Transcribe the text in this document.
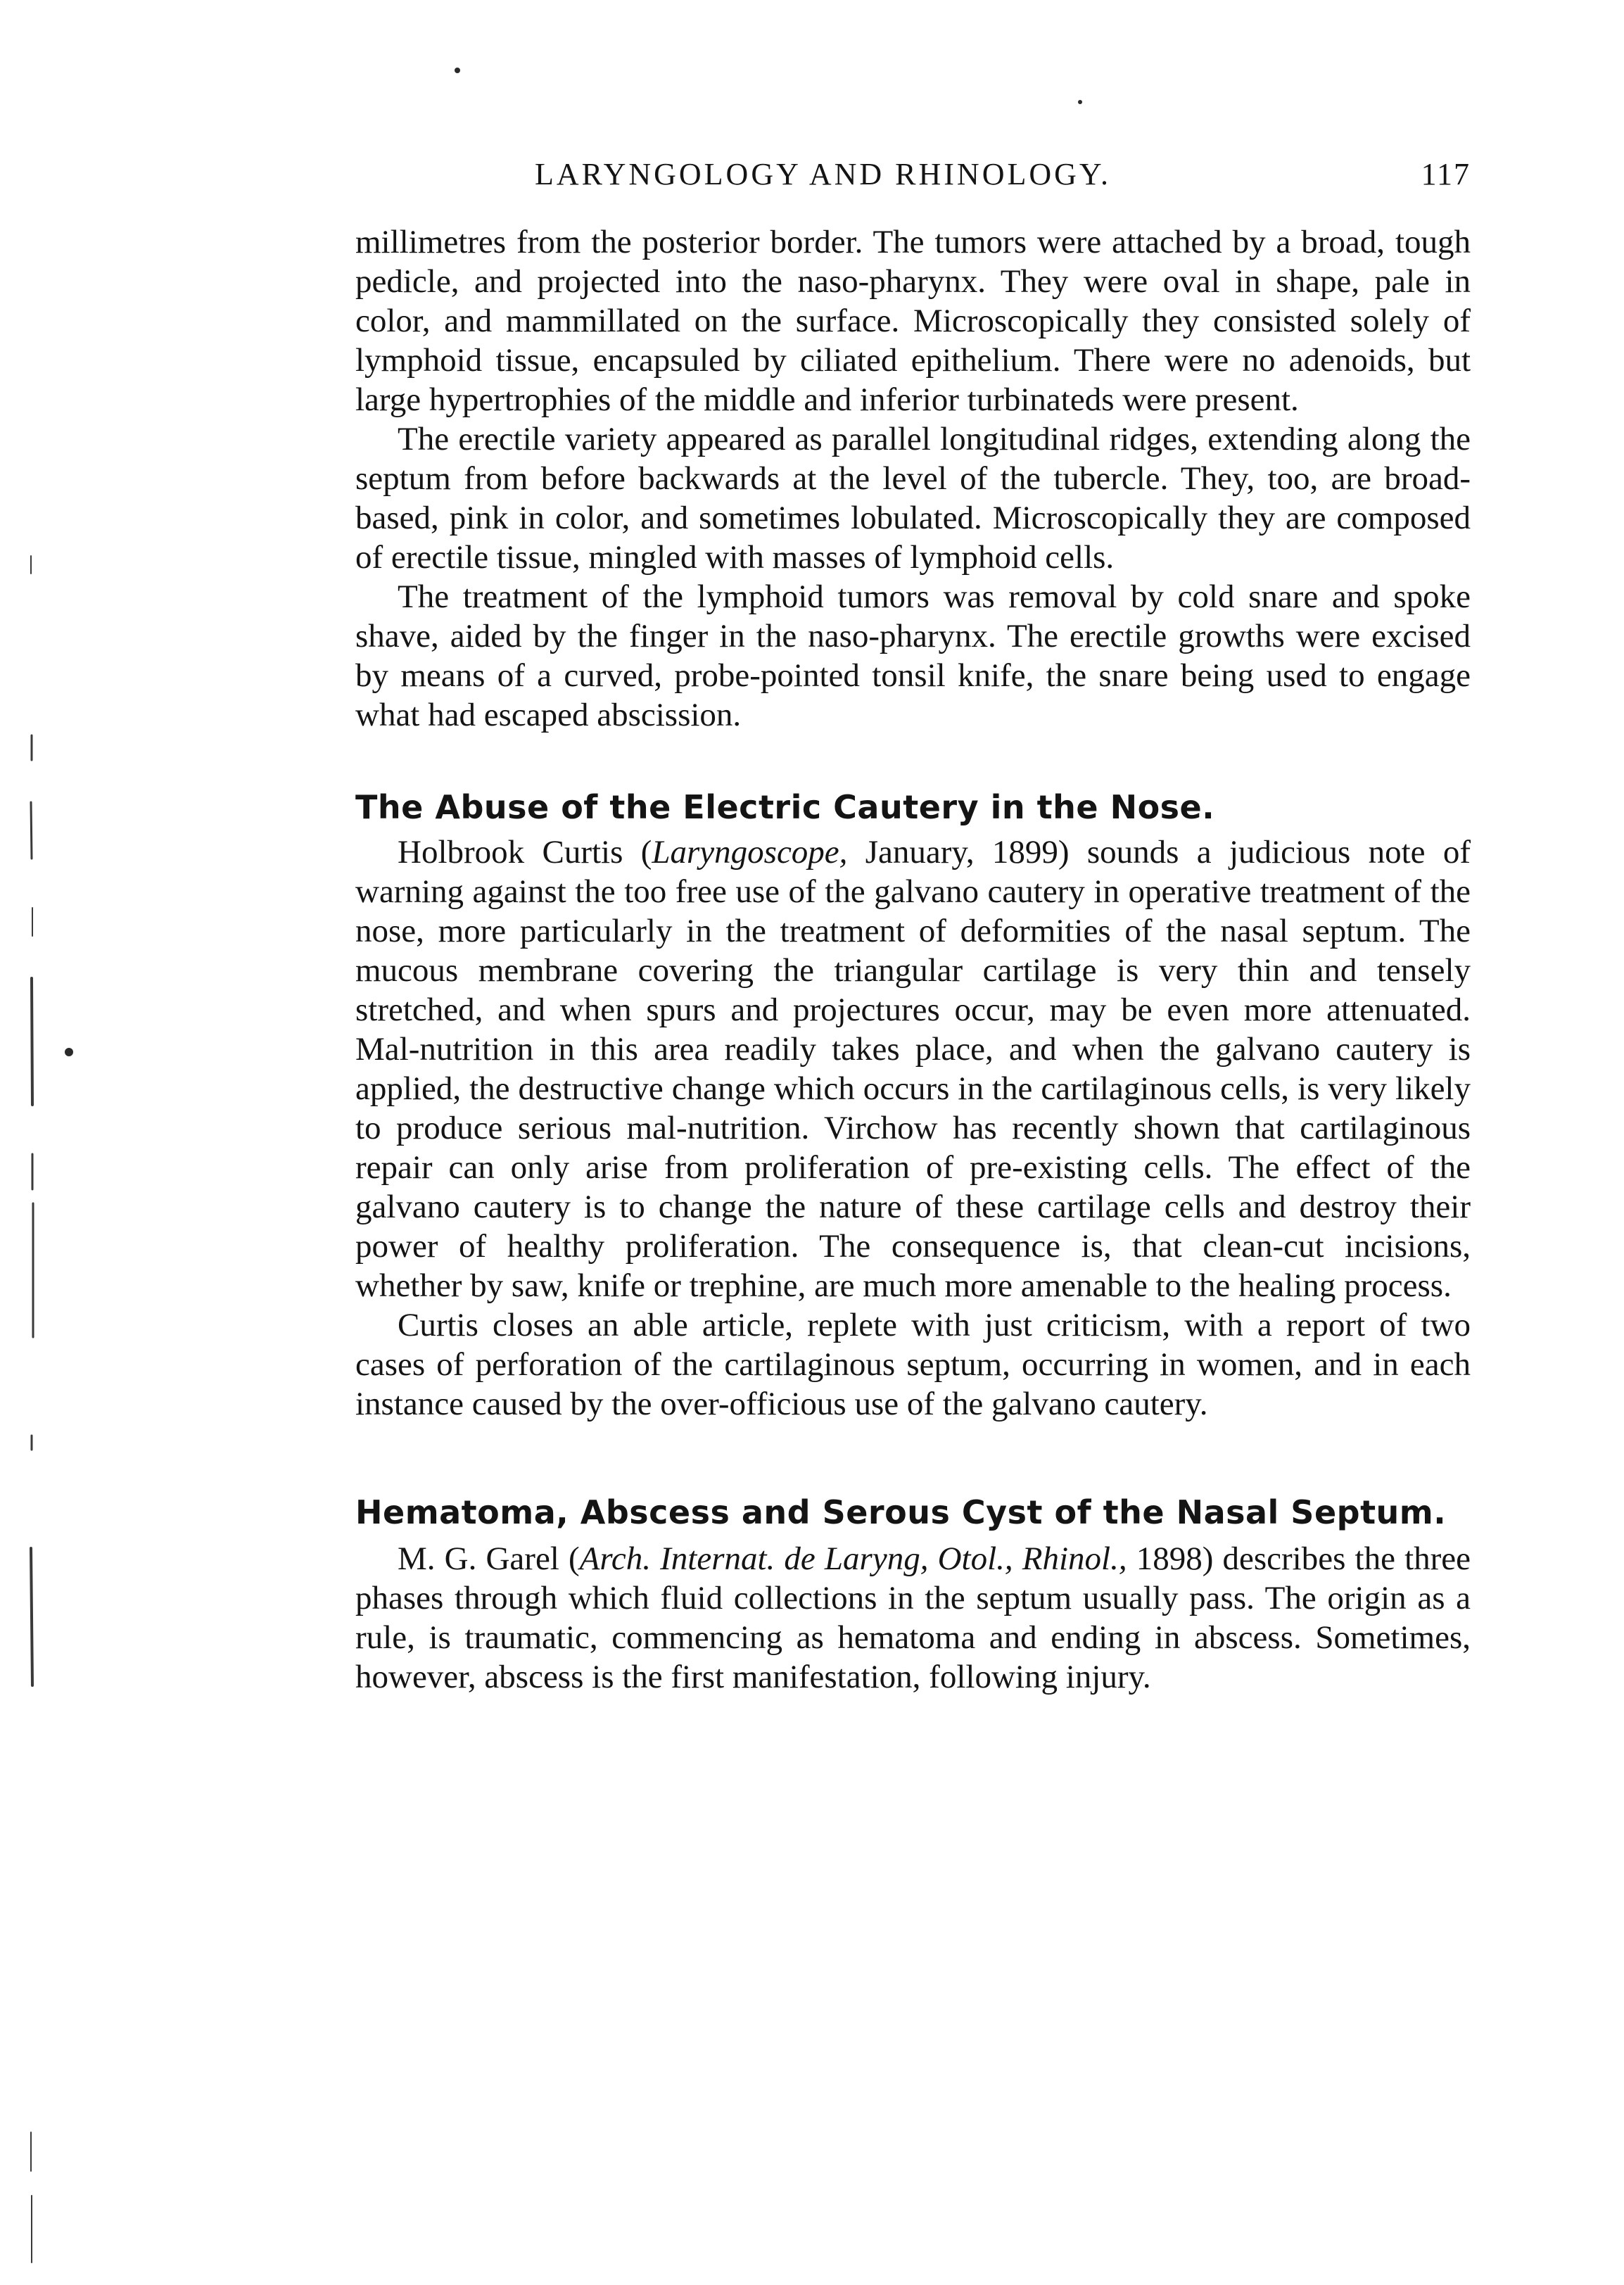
LARYNGOLOGY AND RHINOLOGY.	117

millimetres from the posterior border. The tumors were attached by a broad, tough pedicle, and projected into the naso-pharynx. They were oval in shape, pale in color, and mammillated on the surface. Microscopically they consisted solely of lymphoid tissue, encapsuled by ciliated epithelium. There were no adenoids, but large hypertrophies of the middle and inferior turbinateds were present.

The erectile variety appeared as parallel longitudinal ridges, extending along the septum from before backwards at the level of the tubercle. They, too, are broad-based, pink in color, and sometimes lobulated. Microscopically they are composed of erectile tissue, mingled with masses of lymphoid cells.

The treatment of the lymphoid tumors was removal by cold snare and spoke shave, aided by the finger in the naso-pharynx. The erectile growths were excised by means of a curved, probe-pointed tonsil knife, the snare being used to engage what had escaped abscission.

The Abuse of the Electric Cautery in the Nose.

Holbrook Curtis (Laryngoscope, January, 1899) sounds a judicious note of warning against the too free use of the galvano cautery in operative treatment of the nose, more particularly in the treatment of deformities of the nasal septum. The mucous membrane covering the triangular cartilage is very thin and tensely stretched, and when spurs and projectures occur, may be even more attenuated. Mal-nutrition in this area readily takes place, and when the galvano cautery is applied, the destructive change which occurs in the cartilaginous cells, is very likely to produce serious mal-nutrition. Virchow has recently shown that cartilaginous repair can only arise from proliferation of pre-existing cells. The effect of the galvano cautery is to change the nature of these cartilage cells and destroy their power of healthy proliferation. The consequence is, that clean-cut incisions, whether by saw, knife or trephine, are much more amenable to the healing process.

Curtis closes an able article, replete with just criticism, with a report of two cases of perforation of the cartilaginous septum, occurring in women, and in each instance caused by the over-officious use of the galvano cautery.

Hematoma, Abscess and Serous Cyst of the Nasal Septum.

M. G. Garel (Arch. Internat. de Laryng, Otol., Rhinol., 1898) describes the three phases through which fluid collections in the septum usually pass. The origin as a rule, is traumatic, commencing as hematoma and ending in abscess. Sometimes, however, abscess is the first manifestation, following injury.
